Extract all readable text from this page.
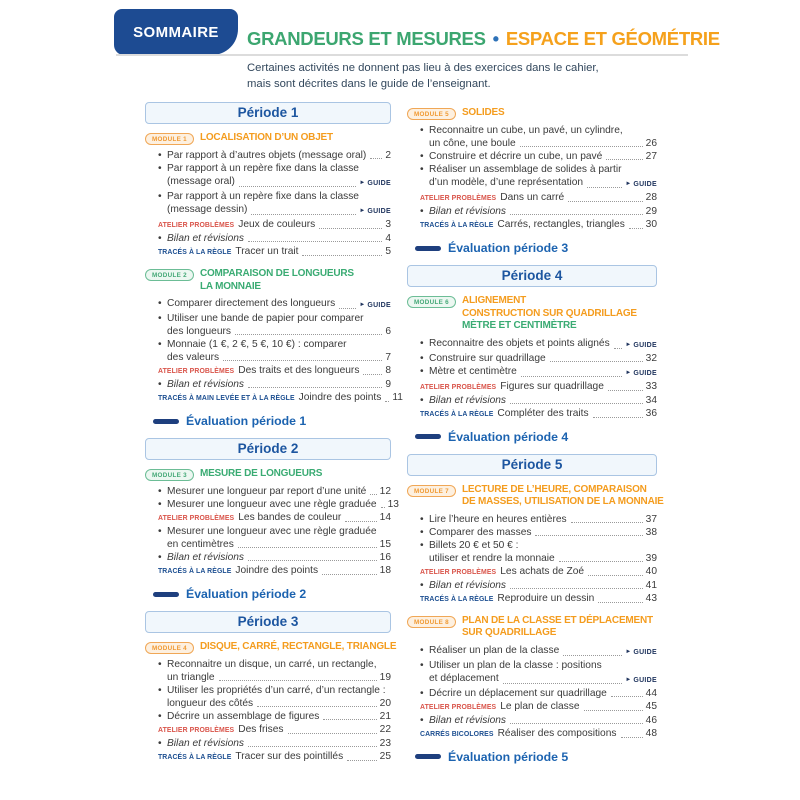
SOMMAIRE	GRANDEURS ET MESURES • ESPACE ET GÉOMÉTRIE
Certaines activités ne donnent pas lieu à des exercices dans le cahier,
mais sont décrites dans le guide de l’enseignant.
Période 1
MODULE 1	LOCALISATION D’UN OBJET
• Par rapport à d’autres objets (message oral) 2
• Par rapport à un repère fixe dans la classe
(message oral)	► GUIDE
• Par rapport à un repère fixe dans la classe
(message dessin)	► GUIDE
ATELIER PROBLÈMES Jeux de couleurs	3
• Bilan et révisions	4
TRACÉS À LA RÈGLE Tracer un trait	5
MODULE 2	COMPARAISON DE LONGUEURS
LA MONNAIE
• Comparer directement des longueurs	► GUIDE
• Utiliser une bande de papier pour comparer
des longueurs	6
• Monnaie (1 €, 2 €, 5 €, 10 €) : comparer
des valeurs	7
ATELIER PROBLÈMES Des traits et des longueurs	8
• Bilan et révisions	9
TRACÉS À MAIN LEVÉE ET À LA RÈGLE Joindre des points 11
Évaluation période 1
Période 2
MODULE 3	MESURE DE LONGUEURS
• Mesurer une longueur par report d’une unité 12
• Mesurer une longueur avec une règle graduée 13
ATELIER PROBLÈMES Les bandes de couleur	14
• Mesurer une longueur avec une règle graduée
en centimètres	15
• Bilan et révisions	16
TRACÉS À LA RÈGLE Joindre des points	18
Évaluation période 2
Période 3
MODULE 4	DISQUE, CARRÉ, RECTANGLE, TRIANGLE
• Reconnaitre un disque, un carré, un rectangle,
un triangle	19
• Utiliser les propriétés d’un carré, d’un rectangle :
longueur des côtés	20
• Décrire un assemblage de figures	21
ATELIER PROBLÈMES Des frises	22
• Bilan et révisions	23
TRACÉS À LA RÈGLE Tracer sur des pointillés	25
MODULE 5	SOLIDES
• Reconnaitre un cube, un pavé, un cylindre,
un cône, une boule	26
• Construire et décrire un cube, un pavé	27
• Réaliser un assemblage de solides à partir
d’un modèle, d’une représentation	► GUIDE
ATELIER PROBLÈMES Dans un carré	28
• Bilan et révisions	29
TRACÉS À LA RÈGLE Carrés, rectangles, triangles 30
Évaluation période 3
Période 4
MODULE 6	ALIGNEMENT
CONSTRUCTION SUR QUADRILLAGE
MÈTRE ET CENTIMÈTRE
• Reconnaitre des objets et points alignés	► GUIDE
• Construire sur quadrillage	32
• Mètre et centimètre	► GUIDE
ATELIER PROBLÈMES Figures sur quadrillage	33
• Bilan et révisions	34
TRACÉS À LA RÈGLE Compléter des traits	36
Évaluation période 4
Période 5
MODULE 7	LECTURE DE L’HEURE, COMPARAISON
DE MASSES, UTILISATION DE LA MONNAIE
• Lire l’heure en heures entières	37
• Comparer des masses	38
• Billets 20 € et 50 € :
utiliser et rendre la monnaie	39
ATELIER PROBLÈMES Les achats de Zoé	40
• Bilan et révisions	41
TRACÉS À LA RÈGLE Reproduire un dessin	43
MODULE 8	PLAN DE LA CLASSE ET DÉPLACEMENT
SUR QUADRILLAGE
• Réaliser un plan de la classe	► GUIDE
• Utiliser un plan de la classe : positions
et déplacement	► GUIDE
• Décrire un déplacement sur quadrillage	44
ATELIER PROBLÈMES Le plan de classe	45
• Bilan et révisions	46
CARRÉS BICOLORES Réaliser des compositions	48
Évaluation période 5
